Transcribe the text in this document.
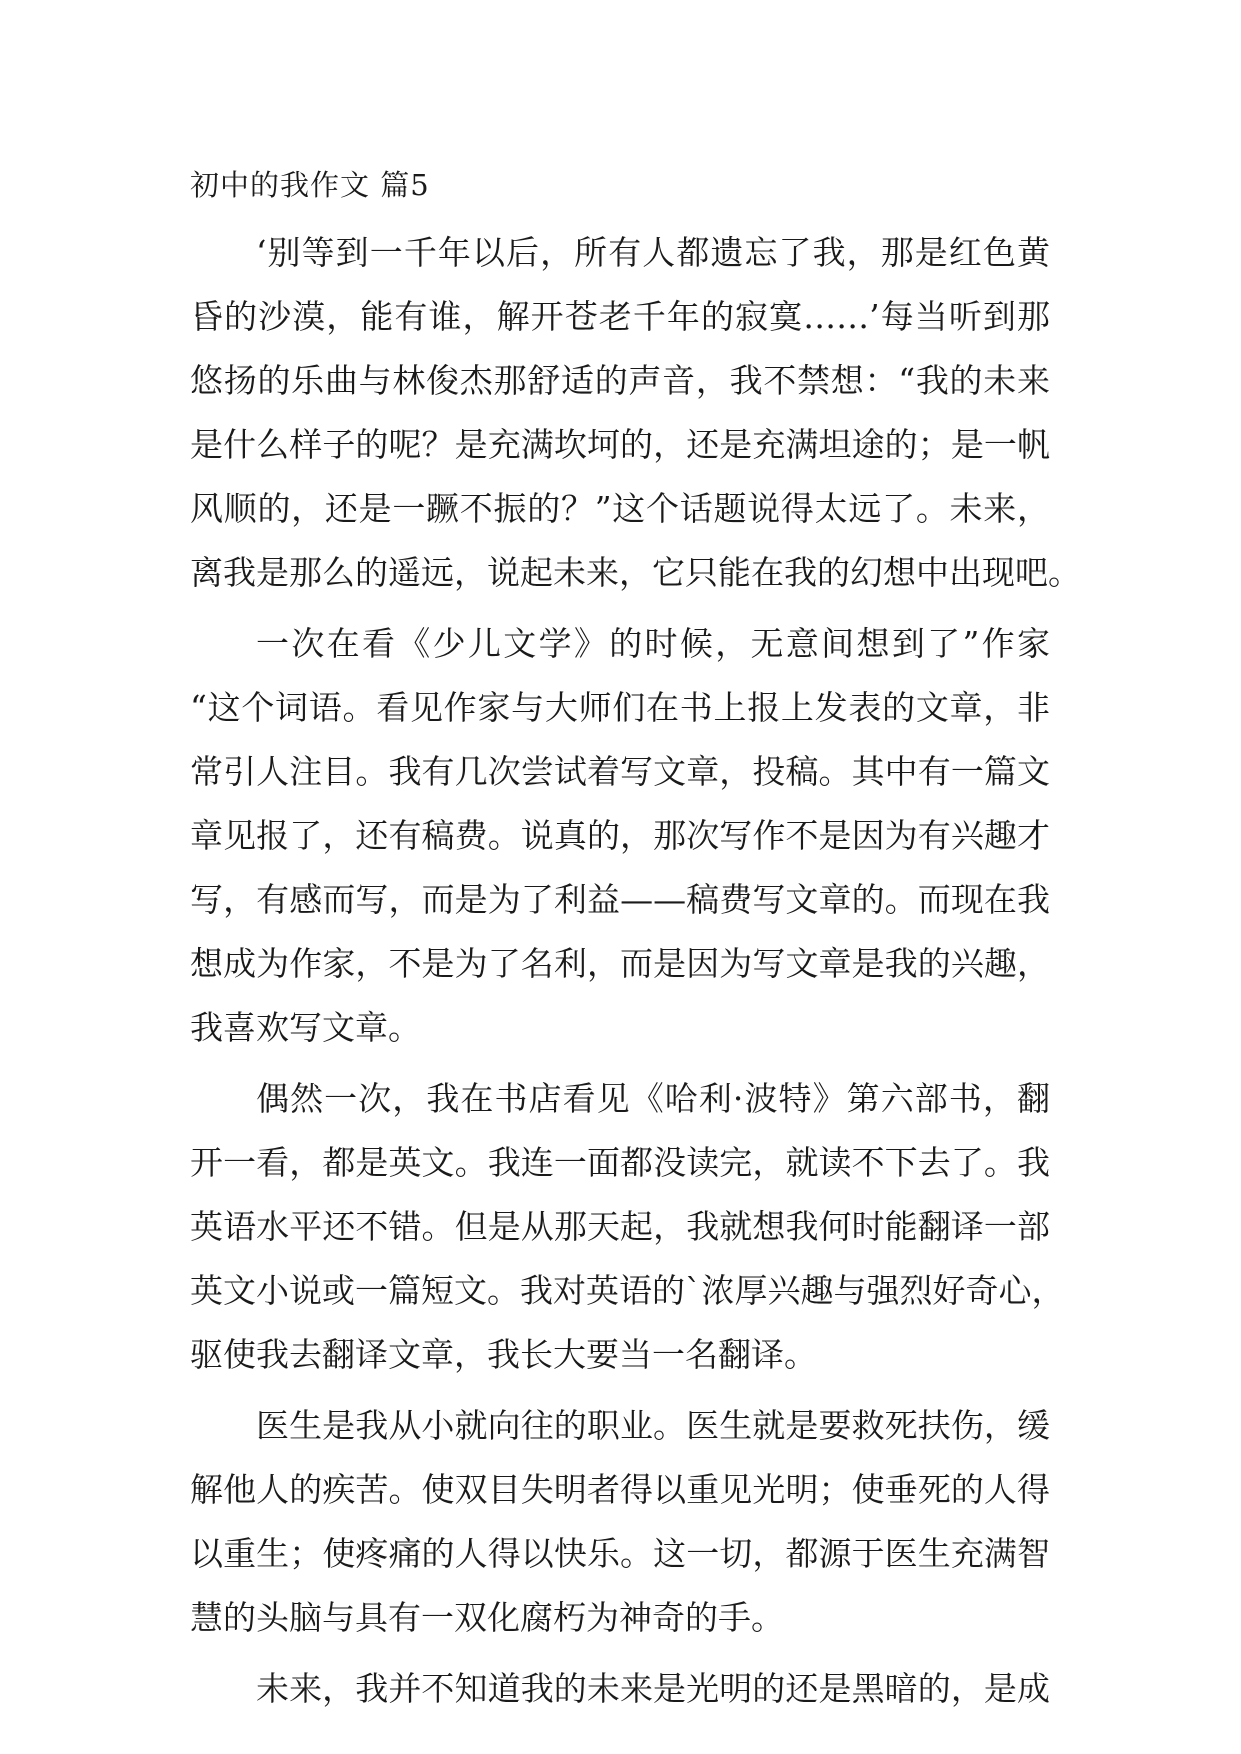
初中的我作文 篇5
‘别等到一千年以后，所有人都遗忘了我，那是红色黄
昏的沙漠，能有谁，解开苍老千年的寂寞……’每当听到那
悠扬的乐曲与林俊杰那舒适的声音，我不禁想：“我的未来
是什么样子的呢？是充满坎坷的，还是充满坦途的；是一帆
风顺的，还是一蹶不振的？”这个话题说得太远了。未来，
离我是那么的遥远，说起未来，它只能在我的幻想中出现吧。
一次在看《少儿文学》的时候，无意间想到了”作家
“这个词语。看见作家与大师们在书上报上发表的文章，非
常引人注目。我有几次尝试着写文章，投稿。其中有一篇文
章见报了，还有稿费。说真的，那次写作不是因为有兴趣才
写，有感而写，而是为了利益——稿费写文章的。而现在我
想成为作家，不是为了名利，而是因为写文章是我的兴趣，
我喜欢写文章。
偶然一次，我在书店看见《哈利·波特》第六部书，翻
开一看，都是英文。我连一面都没读完，就读不下去了。我
英语水平还不错。但是从那天起，我就想我何时能翻译一部
英文小说或一篇短文。我对英语的`浓厚兴趣与强烈好奇心，
驱使我去翻译文章，我长大要当一名翻译。
医生是我从小就向往的职业。医生就是要救死扶伤，缓
解他人的疾苦。使双目失明者得以重见光明；使垂死的人得
以重生；使疼痛的人得以快乐。这一切，都源于医生充满智
慧的头脑与具有一双化腐朽为神奇的手。
未来，我并不知道我的未来是光明的还是黑暗的，是成
